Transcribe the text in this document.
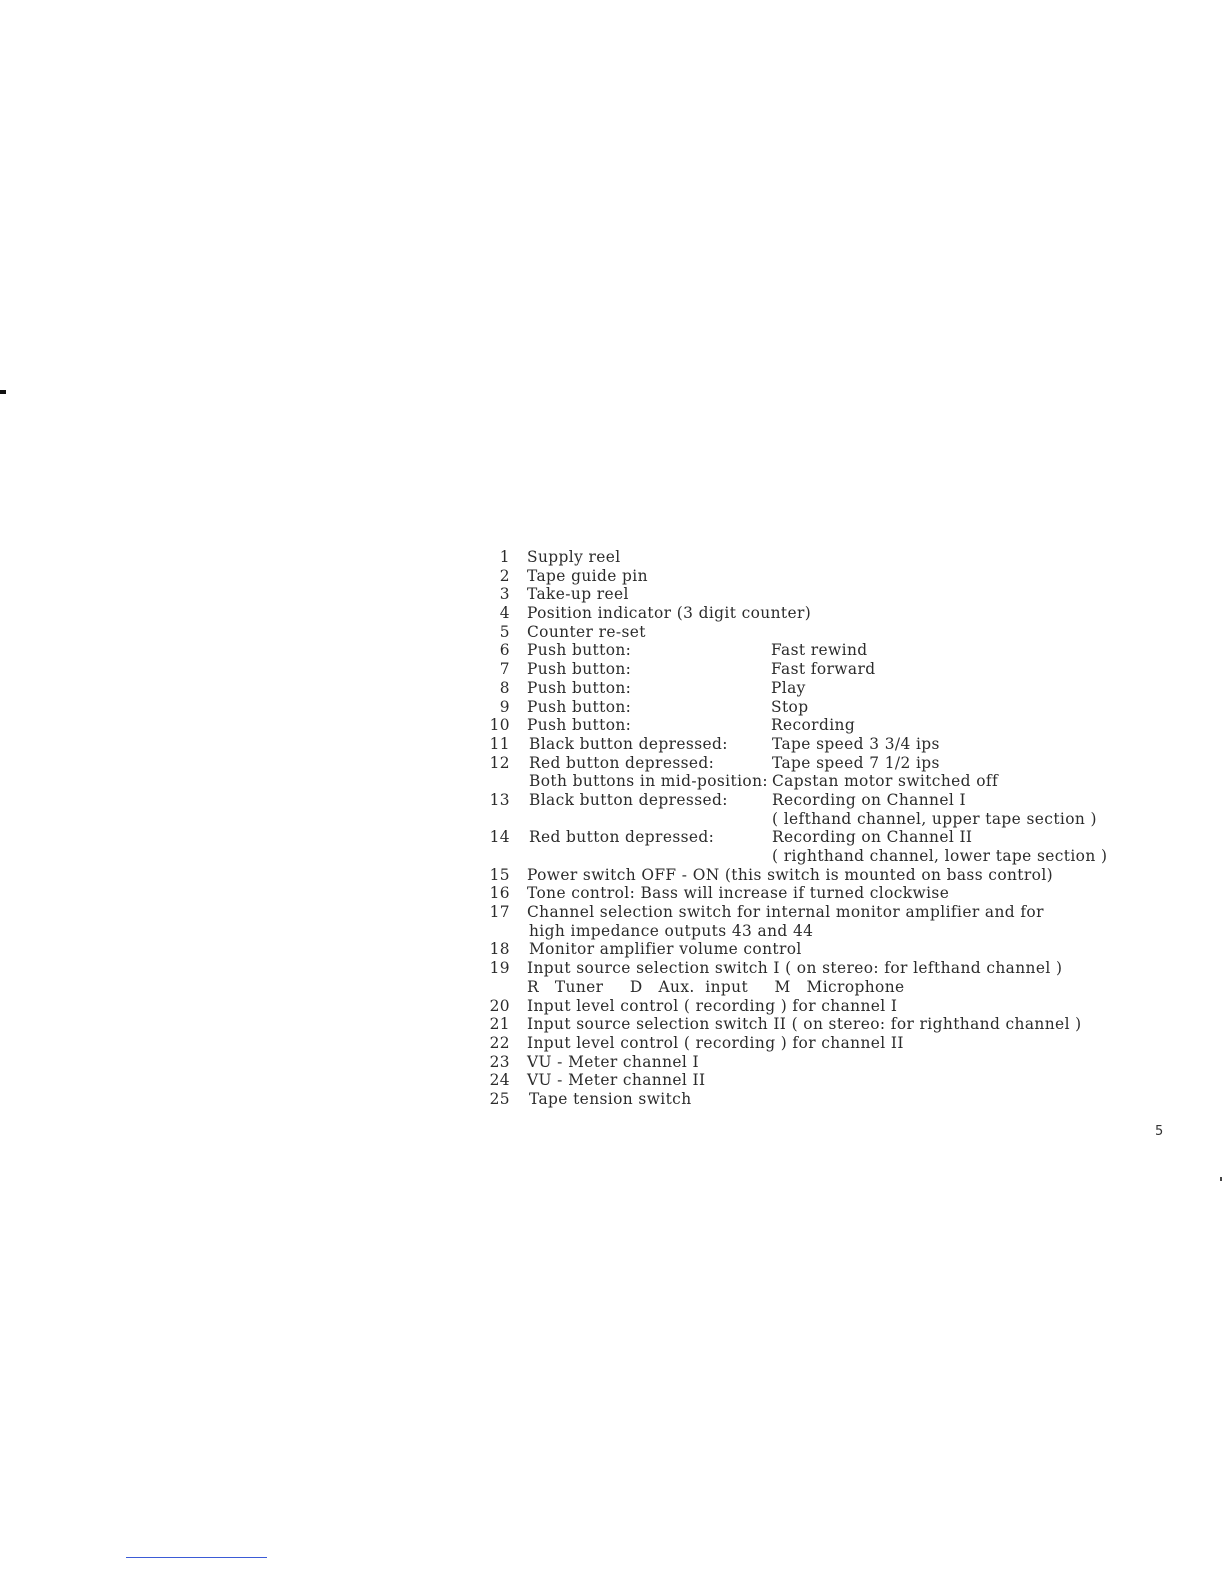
1 Supply reel
2 Tape guide pin
3 Take-up reel
4 Position indicator (3 digit counter)
5 Counter re-set
6 Push button:	Fast rewind
7 Push button:	Fast forward
8 Push button:	Play
9 Push button:	Stop
10 Push button:	Recording
11 Black button depressed:	Tape speed 3 3/4 ips
12 Red button depressed:	Tape speed 7 1/2 ips
Both buttons in mid-position: Capstan motor switched off
13 Black button depressed:	Recording on Channel I
( lefthand channel, upper tape section )
14 Red button depressed:	Recording on Channel II
( righthand channel, lower tape section )
15 Power switch OFF - ON (this switch is mounted on bass control)
16 Tone control: Bass will increase if turned clockwise
17 Channel selection switch for internal monitor amplifier and for
high impedance outputs 43 and 44
18 Monitor amplifier volume control
19 Input source selection switch I ( on stereo: for lefthand channel )
R   Tuner     D   Aux.  input     M   Microphone
20 Input level control ( recording ) for channel I
21 Input source selection switch II ( on stereo: for righthand channel )
22 Input level control ( recording ) for channel II
23 VU - Meter channel I
24 VU - Meter channel II
25 Tape tension switch
5
